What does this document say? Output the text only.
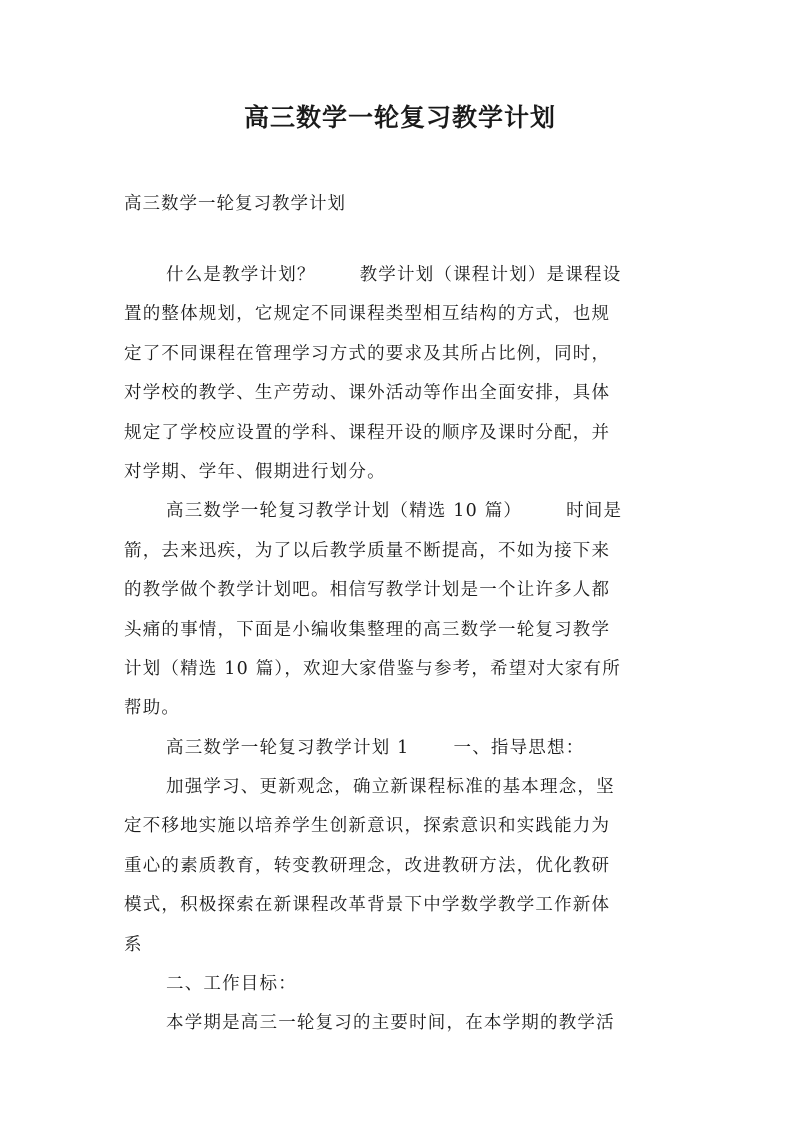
高三数学一轮复习教学计划

高三数学一轮复习教学计划

什么是教学计划？	教学计划（课程计划）是课程设

置的整体规划，它规定不同课程类型相互结构的方式，也规

定了不同课程在管理学习方式的要求及其所占比例，同时，

对学校的教学、生产劳动、课外活动等作出全面安排，具体

规定了学校应设置的学科、课程开设的顺序及课时分配，并

对学期、学年、假期进行划分。

高三数学一轮复习教学计划（精选 10 篇）	时间是

箭，去来迅疾，为了以后教学质量不断提高，不如为接下来

的教学做个教学计划吧。相信写教学计划是一个让许多人都

头痛的事情，下面是小编收集整理的高三数学一轮复习教学

计划（精选 10 篇），欢迎大家借鉴与参考，希望对大家有所

帮助。

高三数学一轮复习教学计划 1	一、指导思想：

加强学习、更新观念，确立新课程标准的基本理念，坚

定不移地实施以培养学生创新意识，探索意识和实践能力为

重心的素质教育，转变教研理念，改进教研方法，优化教研

模式，积极探索在新课程改革背景下中学数学教学工作新体

系

二、工作目标：

本学期是高三一轮复习的主要时间，在本学期的教学活
